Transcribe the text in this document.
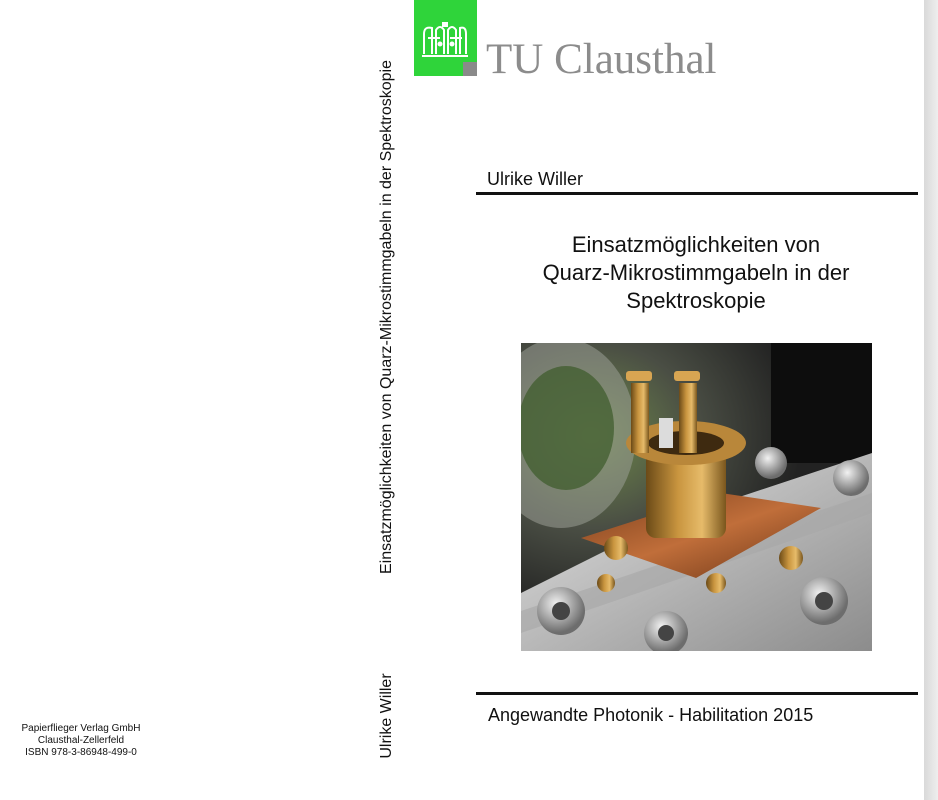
Papierflieger Verlag GmbH
Clausthal-Zellerfeld
ISBN 978-3-86948-499-0
Einsatzmöglichkeiten von Quarz-Mikrostimmgabeln in der Spektroskopie
Ulrike Willer
TU Clausthal
Ulrike Willer
Einsatzmöglichkeiten von
Quarz-Mikrostimmgabeln in der
Spektroskopie
Angewandte Photonik - Habilitation 2015
